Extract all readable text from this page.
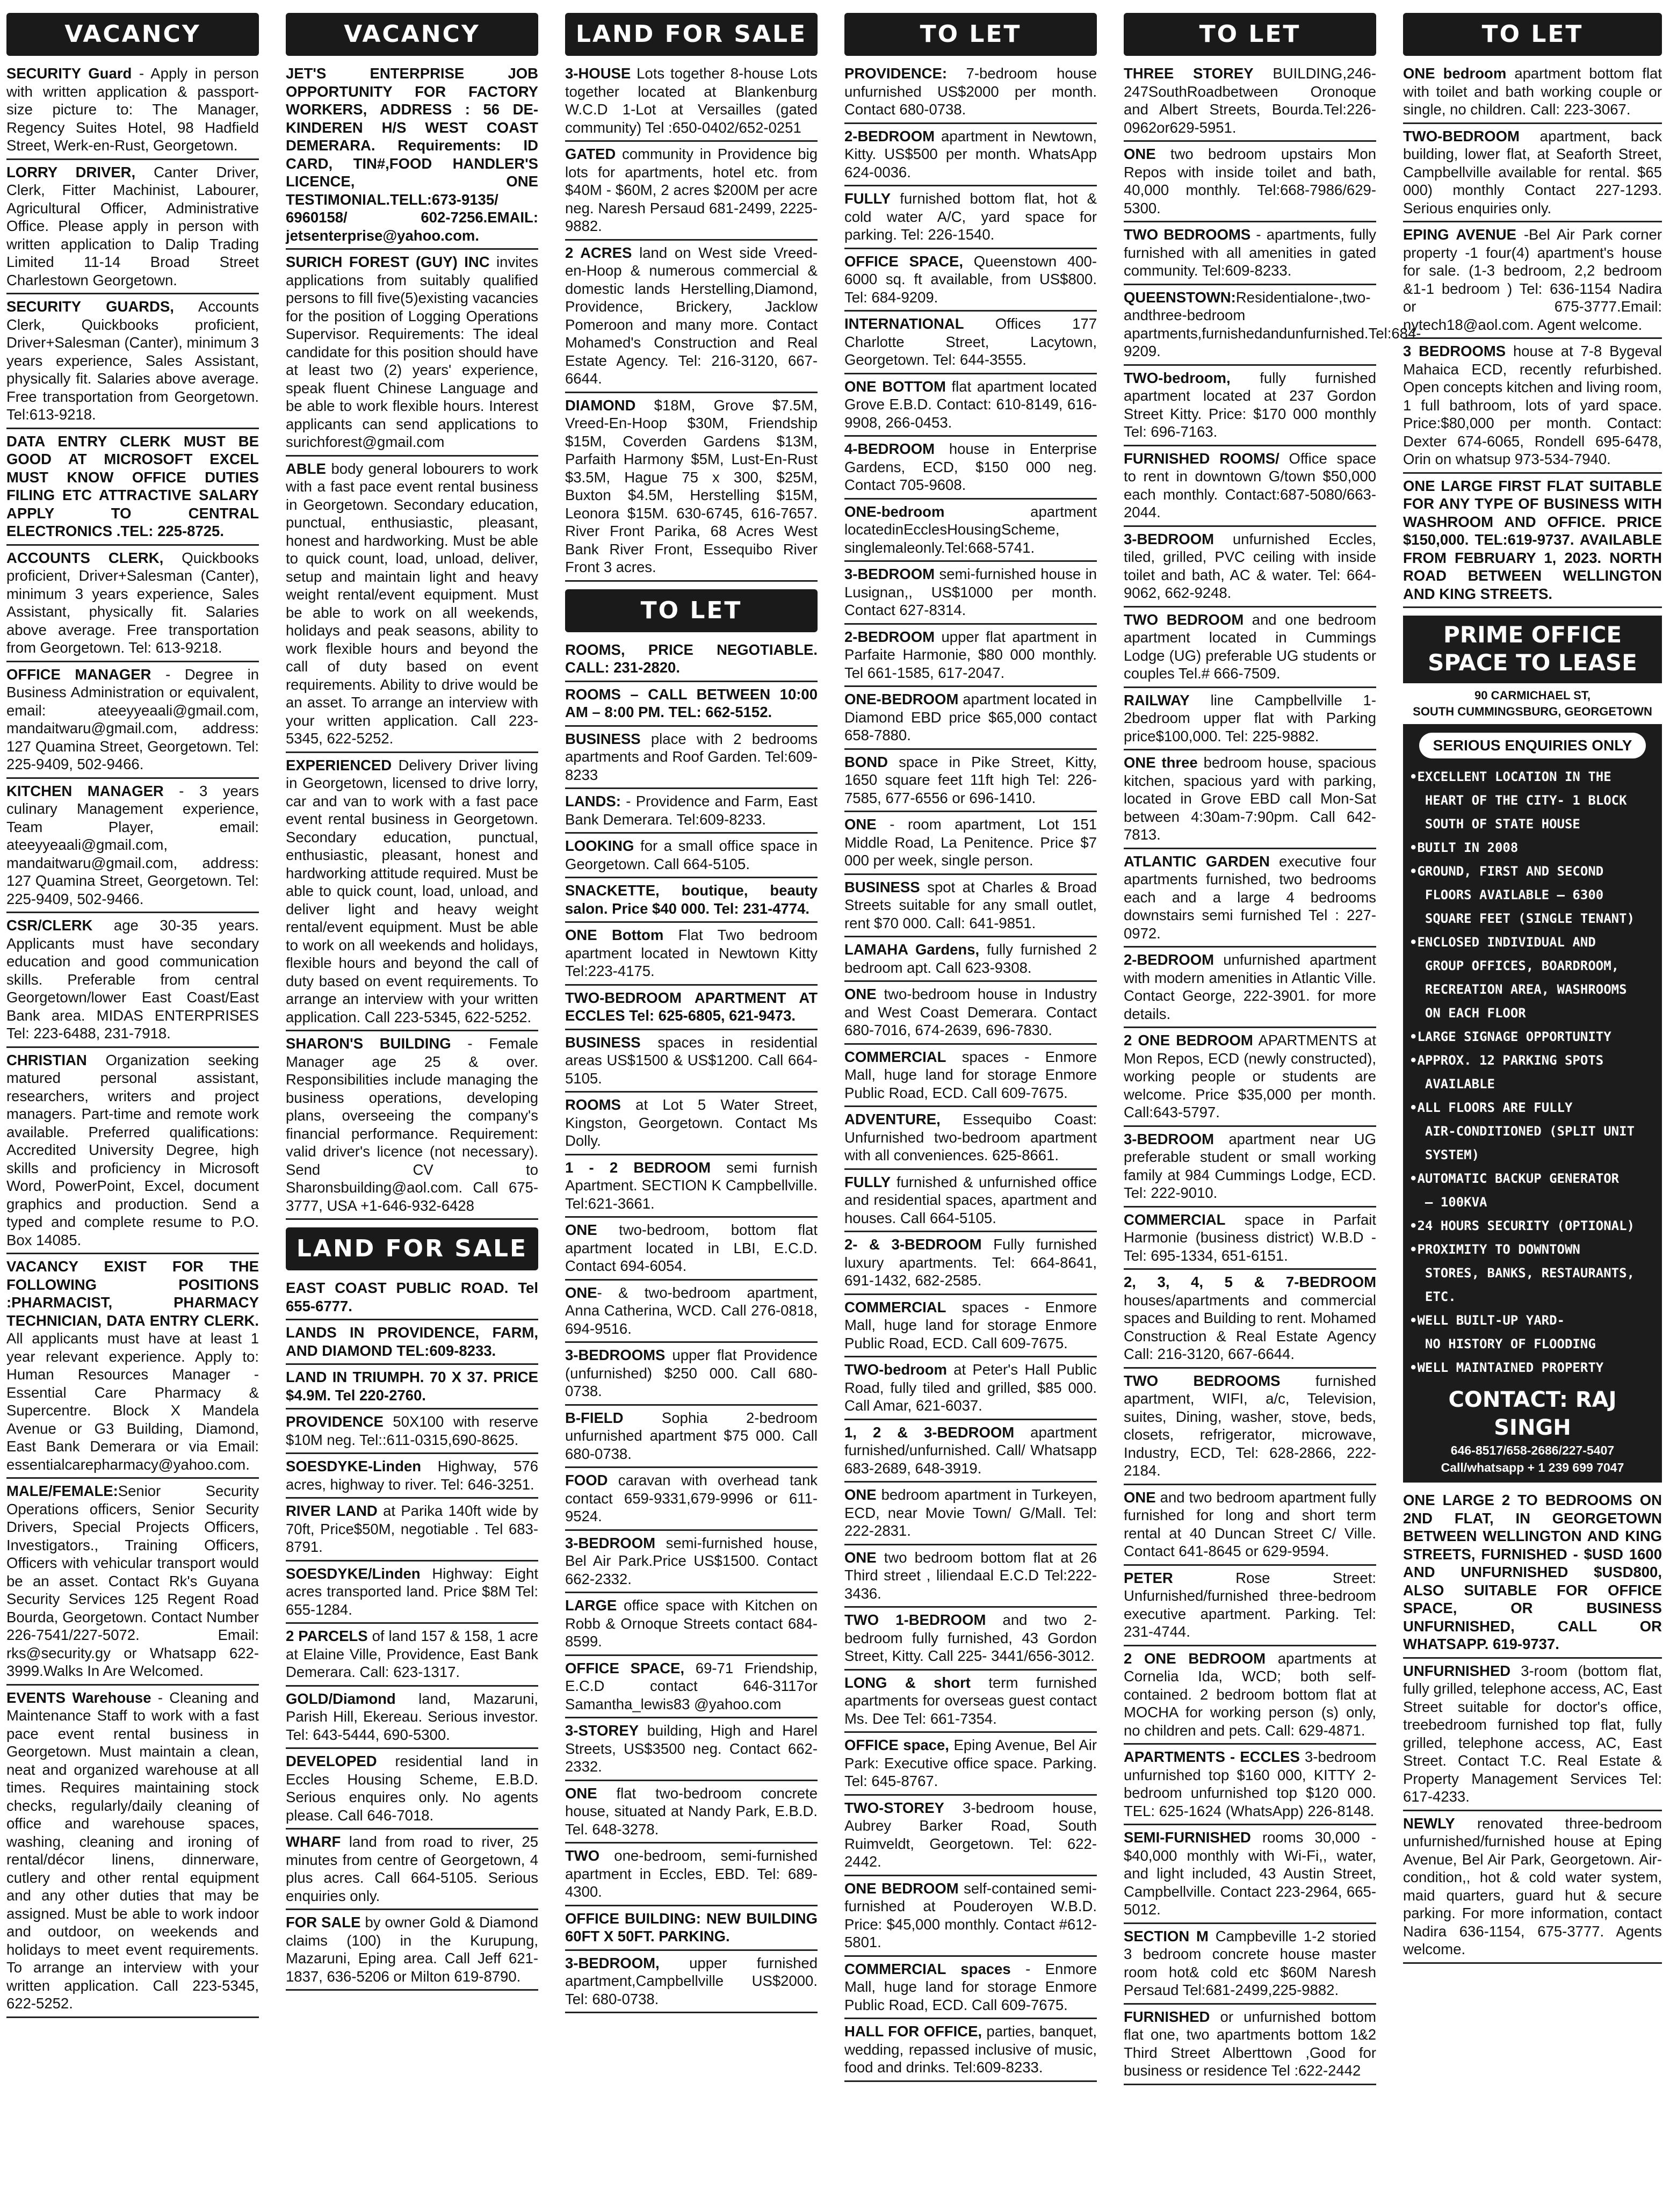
VACANCY

SECURITY Guard - Apply in person with written application & passport-size picture to: The Manager, Regency Suites Hotel, 98 Hadfield Street, Werk-en-Rust, Georgetown.

LORRY DRIVER, Canter Driver, Clerk, Fitter Machinist, Labourer, Agricultural Officer, Administrative Office. Please apply in person with written application to Dalip Trading Limited 11-14 Broad Street Charlestown Georgetown.

SECURITY GUARDS, Accounts Clerk, Quickbooks proficient, Driver+Salesman (Canter), minimum 3 years experience, Sales Assistant, physically fit. Salaries above average. Free transportation from Georgetown. Tel:613-9218.

DATA ENTRY CLERK MUST BE GOOD AT MICROSOFT EXCEL MUST KNOW OFFICE DUTIES FILING ETC ATTRACTIVE SALARY APPLY TO CENTRAL ELECTRONICS .TEL: 225-8725.

ACCOUNTS CLERK, Quickbooks proficient, Driver+Salesman (Canter), minimum 3 years experience, Sales Assistant, physically fit. Salaries above average. Free transportation from Georgetown. Tel: 613-9218.

OFFICE MANAGER - Degree in Business Administration or equivalent, email: ateeyyeaali@gmail.com, mandaitwaru@gmail.com, address: 127 Quamina Street, Georgetown. Tel: 225-9409, 502-9466.

KITCHEN MANAGER - 3 years culinary Management experience, Team Player, email: ateeyyeaali@gmail.com, mandaitwaru@gmail.com, address: 127 Quamina Street, Georgetown. Tel: 225-9409, 502-9466.

CSR/CLERK age 30-35 years. Applicants must have secondary education and good communication skills. Preferable from central Georgetown/lower East Coast/East Bank area. MIDAS ENTERPRISES Tel: 223-6488, 231-7918.

CHRISTIAN Organization seeking matured personal assistant, researchers, writers and project managers. Part-time and remote work available. Preferred qualifications: Accredited University Degree, high skills and proficiency in Microsoft Word, PowerPoint, Excel, document graphics and production. Send a typed and complete resume to P.O. Box 14085.

VACANCY EXIST FOR THE FOLLOWING POSITIONS :PHARMACIST, PHARMACY TECHNICIAN, DATA ENTRY CLERK. All applicants must have at least 1 year relevant experience. Apply to: Human Resources Manager - Essential Care Pharmacy & Supercentre. Block X Mandela Avenue or G3 Building, Diamond, East Bank Demerara or via Email: essentialcarepharmacy@yahoo.com.

MALE/FEMALE:Senior Security Operations officers, Senior Security Drivers, Special Projects Officers, Investigators., Training Officers, Officers with vehicular transport would be an asset. Contact Rk's Guyana Security Services 125 Regent Road Bourda, Georgetown. Contact Number 226-7541/227-5072. Email: rks@security.gy or Whatsapp 622-3999.Walks In Are Welcomed.

EVENTS Warehouse - Cleaning and Maintenance Staff to work with a fast pace event rental business in Georgetown. Must maintain a clean, neat and organized warehouse at all times. Requires maintaining stock checks, regularly/daily cleaning of office and warehouse spaces, washing, cleaning and ironing of rental/décor linens, dinnerware, cutlery and other rental equipment and any other duties that may be assigned. Must be able to work indoor and outdoor, on weekends and holidays to meet event requirements. To arrange an interview with your written application. Call 223-5345, 622-5252.

VACANCY

JET'S ENTERPRISE JOB OPPORTUNITY FOR FACTORY WORKERS, ADDRESS : 56 DE-KINDEREN H/S WEST COAST DEMERARA. Requirements: ID CARD, TIN#,FOOD HANDLER'S LICENCE, ONE TESTIMONIAL.TELL:673-9135/ 6960158/ 602-7256.EMAIL: jetsenterprise@yahoo.com.

SURICH FOREST (GUY) INC invites applications from suitably qualified persons to fill five(5)existing vacancies for the position of Logging Operations Supervisor. Requirements: The ideal candidate for this position should have at least two (2) years' experience, speak fluent Chinese Language and be able to work flexible hours. Interest applicants can send applications to surichforest@gmail.com

ABLE body general lobourers to work with a fast pace event rental business in Georgetown. Secondary education, punctual, enthusiastic, pleasant, honest and hardworking. Must be able to quick count, load, unload, deliver, setup and maintain light and heavy weight rental/event equipment. Must be able to work on all weekends, holidays and peak seasons, ability to work flexible hours and beyond the call of duty based on event requirements. Ability to drive would be an asset. To arrange an interview with your written application. Call 223-5345, 622-5252.

EXPERIENCED Delivery Driver living in Georgetown, licensed to drive lorry, car and van to work with a fast pace event rental business in Georgetown. Secondary education, punctual, enthusiastic, pleasant, honest and hardworking attitude required. Must be able to quick count, load, unload, and deliver light and heavy weight rental/event equipment. Must be able to work on all weekends and holidays, flexible hours and beyond the call of duty based on event requirements. To arrange an interview with your written application. Call 223-5345, 622-5252.

SHARON'S BUILDING - Female Manager age 25 & over. Responsibilities include managing the business operations, developing plans, overseeing the company's financial performance. Requirement: valid driver's licence (not necessary). Send CV to Sharonsbuilding@aol.com. Call 675-3777, USA +1-646-932-6428

LAND FOR SALE

EAST COAST PUBLIC ROAD. Tel 655-6777.

LANDS IN PROVIDENCE, FARM, AND DIAMOND TEL:609-8233.

LAND IN TRIUMPH. 70 X 37. PRICE $4.9M. Tel 220-2760.

PROVIDENCE 50X100 with reserve $10M neg. Tel::611-0315,690-8625.

SOESDYKE-Linden Highway, 576 acres, highway to river. Tel: 646-3251.

RIVER LAND at Parika 140ft wide by 70ft, Price$50M, negotiable . Tel 683-8791.

SOESDYKE/Linden Highway: Eight acres transported land. Price $8M Tel: 655-1284.

2 PARCELS of land 157 & 158, 1 acre at Elaine Ville, Providence, East Bank Demerara. Call: 623-1317.

GOLD/Diamond land, Mazaruni, Parish Hill, Ekereau. Serious investor. Tel: 643-5444, 690-5300.

DEVELOPED residential land in Eccles Housing Scheme, E.B.D. Serious enquires only. No agents please. Call 646-7018.

WHARF land from road to river, 25 minutes from centre of Georgetown, 4 plus acres. Call 664-5105. Serious enquiries only.

FOR SALE by owner Gold & Diamond claims (100) in the Kurupung, Mazaruni, Eping area. Call Jeff 621-1837, 636-5206 or Milton 619-8790.

LAND FOR SALE

3-HOUSE Lots together 8-house Lots together located at Blankenburg W.C.D 1-Lot at Versailles (gated community) Tel :650-0402/652-0251

GATED community in Providence big lots for apartments, hotel etc. from $40M - $60M, 2 acres $200M per acre neg. Naresh Persaud 681-2499, 2225-9882.

2 ACRES land on West side Vreed-en-Hoop & numerous commercial & domestic lands Herstelling,Diamond, Providence, Brickery, Jacklow Pomeroon and many more. Contact Mohamed's Construction and Real Estate Agency. Tel: 216-3120, 667-6644.

DIAMOND $18M, Grove $7.5M, Vreed-En-Hoop $30M, Friendship $15M, Coverden Gardens $13M, Parfaith Harmony $5M, Lust-En-Rust $3.5M, Hague 75 x 300, $25M, Buxton $4.5M, Herstelling $15M, Leonora $15M. 630-6745, 616-7657. River Front Parika, 68 Acres West Bank River Front, Essequibo River Front 3 acres.

TO LET

ROOMS, PRICE NEGOTIABLE. CALL: 231-2820.

ROOMS – CALL BETWEEN 10:00 AM – 8:00 PM. TEL: 662-5152.

BUSINESS place with 2 bedrooms apartments and Roof Garden. Tel:609-8233

LANDS: - Providence and Farm, East Bank Demerara. Tel:609-8233.

LOOKING for a small office space in Georgetown. Call 664-5105.

SNACKETTE, boutique, beauty salon. Price $40 000. Tel: 231-4774.

ONE Bottom Flat Two bedroom apartment located in Newtown Kitty Tel:223-4175.

TWO-BEDROOM APARTMENT AT ECCLES Tel: 625-6805, 621-9473.

BUSINESS spaces in residential areas US$1500 & US$1200. Call 664-5105.

ROOMS at Lot 5 Water Street, Kingston, Georgetown. Contact Ms Dolly.

1 - 2 BEDROOM semi furnish Apartment. SECTION K Campbellville. Tel:621-3661.

ONE two-bedroom, bottom flat apartment located in LBI, E.C.D. Contact 694-6054.

ONE- & two-bedroom apartment, Anna Catherina, WCD. Call 276-0818, 694-9516.

3-BEDROOMS upper flat Providence (unfurnished) $250 000. Call 680-0738.

B-FIELD Sophia 2-bedroom unfurnished apartment $75 000. Call 680-0738.

FOOD caravan with overhead tank contact 659-9331,679-9996 or 611-9524.

3-BEDROOM semi-furnished house, Bel Air Park.Price US$1500. Contact 662-2332.

LARGE office space with Kitchen on Robb & Ornoque Streets contact 684-8599.

OFFICE SPACE, 69-71 Friendship, E.C.D contact 646-3117or Samantha_lewis83 @yahoo.com

3-STOREY building, High and Harel Streets, US$3500 neg. Contact 662-2332.

ONE flat two-bedroom concrete house, situated at Nandy Park, E.B.D. Tel. 648-3278.

TWO one-bedroom, semi-furnished apartment in Eccles, EBD. Tel: 689-4300.

OFFICE BUILDING: NEW BUILDING 60FT X 50FT. PARKING.

3-BEDROOM, upper furnished apartment,Campbellville US$2000. Tel: 680-0738.

TO LET

PROVIDENCE: 7-bedroom house unfurnished US$2000 per month. Contact 680-0738.

2-BEDROOM apartment in Newtown, Kitty. US$500 per month. WhatsApp 624-0036.

FULLY furnished bottom flat, hot & cold water A/C, yard space for parking. Tel: 226-1540.

OFFICE SPACE, Queenstown 400-6000 sq. ft available, from US$800. Tel: 684-9209.

INTERNATIONAL Offices 177 Charlotte Street, Lacytown, Georgetown. Tel: 644-3555.

ONE BOTTOM flat apartment located Grove E.B.D. Contact: 610-8149, 616-9908, 266-0453.

4-BEDROOM house in Enterprise Gardens, ECD, $150 000 neg. Contact 705-9608.

ONE-bedroom apartment locatedinEcclesHousingScheme, singlemaleonly.Tel:668-5741.

3-BEDROOM semi-furnished house in Lusignan,, US$1000 per month. Contact 627-8314.

2-BEDROOM upper flat apartment in Parfaite Harmonie, $80 000 monthly. Tel 661-1585, 617-2047.

ONE-BEDROOM apartment located in Diamond EBD price $65,000 contact 658-7880.

BOND space in Pike Street, Kitty, 1650 square feet 11ft high Tel: 226-7585, 677-6556 or 696-1410.

ONE - room apartment, Lot 151 Middle Road, La Penitence. Price $7 000 per week, single person.

BUSINESS spot at Charles & Broad Streets suitable for any small outlet, rent $70 000. Call: 641-9851.

LAMAHA Gardens, fully furnished 2 bedroom apt. Call 623-9308.

ONE two-bedroom house in Industry and West Coast Demerara. Contact 680-7016, 674-2639, 696-7830.

COMMERCIAL spaces - Enmore Mall, huge land for storage Enmore Public Road, ECD. Call 609-7675.

ADVENTURE, Essequibo Coast: Unfurnished two-bedroom apartment with all conveniences. 625-8661.

FULLY furnished & unfurnished office and residential spaces, apartment and houses. Call 664-5105.

2- & 3-BEDROOM Fully furnished luxury apartments. Tel: 664-8641, 691-1432, 682-2585.

COMMERCIAL spaces - Enmore Mall, huge land for storage Enmore Public Road, ECD. Call 609-7675.

TWO-bedroom at Peter's Hall Public Road, fully tiled and grilled, $85 000. Call Amar, 621-6037.

1, 2 & 3-BEDROOM apartment furnished/unfurnished. Call/ Whatsapp 683-2689, 648-3919.

ONE bedroom apartment in Turkeyen, ECD, near Movie Town/ G/Mall. Tel: 222-2831.

ONE two bedroom bottom flat at 26 Third street , liliendaal E.C.D Tel:222-3436.

TWO 1-BEDROOM and two 2-bedroom fully furnished, 43 Gordon Street, Kitty. Call 225- 3441/656-3012.

LONG & short term furnished apartments for overseas guest contact Ms. Dee Tel: 661-7354.

OFFICE space, Eping Avenue, Bel Air Park: Executive office space. Parking. Tel: 645-8767.

TWO-STOREY 3-bedroom house, Aubrey Barker Road, South Ruimveldt, Georgetown. Tel: 622-2442.

ONE BEDROOM self-contained semi-furnished at Pouderoyen W.B.D. Price: $45,000 monthly. Contact #612-5801.

COMMERCIAL spaces - Enmore Mall, huge land for storage Enmore Public Road, ECD. Call 609-7675.

HALL FOR OFFICE, parties, banquet, wedding, repassed inclusive of music, food and drinks. Tel:609-8233.

TO LET

THREE STOREY BUILDING,246-247SouthRoadbetween Oronoque and Albert Streets, Bourda.Tel:226-0962or629-5951.

ONE two bedroom upstairs Mon Repos with inside toilet and bath, 40,000 monthly. Tel:668-7986/629-5300.

TWO BEDROOMS - apartments, fully furnished with all amenities in gated community. Tel:609-8233.

QUEENSTOWN:Residentialone-,two-andthree-bedroom apartments,furnishedandunfurnished.Tel:684-9209.

TWO-bedroom, fully furnished apartment located at 237 Gordon Street Kitty. Price: $170 000 monthly Tel: 696-7163.

FURNISHED ROOMS/ Office space to rent in downtown G/town $50,000 each monthly. Contact:687-5080/663-2044.

3-BEDROOM unfurnished Eccles, tiled, grilled, PVC ceiling with inside toilet and bath, AC & water. Tel: 664-9062, 662-9248.

TWO BEDROOM and one bedroom apartment located in Cummings Lodge (UG) preferable UG students or couples Tel.# 666-7509.

RAILWAY line Campbellville 1-2bedroom upper flat with Parking price$100,000. Tel: 225-9882.

ONE three bedroom house, spacious kitchen, spacious yard with parking, located in Grove EBD call Mon-Sat between 4:30am-7:90pm. Call 642-7813.

ATLANTIC GARDEN executive four apartments furnished, two bedrooms each and a large 4 bedrooms downstairs semi furnished Tel : 227-0972.

2-BEDROOM unfurnished apartment with modern amenities in Atlantic Ville. Contact George, 222-3901. for more details.

2 ONE BEDROOM APARTMENTS at Mon Repos, ECD (newly constructed), working people or students are welcome. Price $35,000 per month. Call:643-5797.

3-BEDROOM apartment near UG preferable student or small working family at 984 Cummings Lodge, ECD. Tel: 222-9010.

COMMERCIAL space in Parfait Harmonie (business district) W.B.D - Tel: 695-1334, 651-6151.

2, 3, 4, 5 & 7-BEDROOM houses/apartments and commercial spaces and Building to rent. Mohamed Construction & Real Estate Agency Call: 216-3120, 667-6644.

TWO BEDROOMS furnished apartment, WIFI, a/c, Television, suites, Dining, washer, stove, beds, closets, refrigerator, microwave, Industry, ECD, Tel: 628-2866, 222-2184.

ONE and two bedroom apartment fully furnished for long and short term rental at 40 Duncan Street C/ Ville. Contact 641-8645 or 629-9594.

PETER Rose Street: Unfurnished/furnished three-bedroom executive apartment. Parking. Tel: 231-4744.

2 ONE BEDROOM apartments at Cornelia Ida, WCD; both self-contained. 2 bedroom bottom flat at MOCHA for working person (s) only, no children and pets. Call: 629-4871.

APARTMENTS - ECCLES 3-bedroom unfurnished top $160 000, KITTY 2-bedroom unfurnished top $120 000. TEL: 625-1624 (WhatsApp) 226-8148.

SEMI-FURNISHED rooms 30,000 - $40,000 monthly with Wi-Fi,, water, and light included, 43 Austin Street, Campbellville. Contact 223-2964, 665-5012.

SECTION M Campbeville 1-2 storied 3 bedroom concrete house master room hot& cold etc $60M Naresh Persaud Tel:681-2499,225-9882.

FURNISHED or unfurnished bottom flat one, two apartments bottom 1&2 Third Street Alberttown ,Good for business or residence Tel :622-2442

TO LET

ONE bedroom apartment bottom flat with toilet and bath working couple or single, no children. Call: 223-3067.

TWO-BEDROOM apartment, back building, lower flat, at Seaforth Street, Campbellville available for rental. $65 000) monthly Contact 227-1293. Serious enquiries only.

EPING AVENUE -Bel Air Park corner property -1 four(4) apartment's house for sale. (1-3 bedroom, 2,2 bedroom &1-1 bedroom ) Tel: 636-1154 Nadira or 675-3777.Email: nytech18@aol.com. Agent welcome.

3 BEDROOMS house at 7-8 Bygeval Mahaica ECD, recently refurbished. Open concepts kitchen and living room, 1 full bathroom, lots of yard space. Price:$80,000 per month. Contact: Dexter 674-6065, Rondell 695-6478, Orin on whatsup 973-534-7940.

ONE LARGE FIRST FLAT SUITABLE FOR ANY TYPE OF BUSINESS WITH WASHROOM AND OFFICE. PRICE $150,000. TEL:619-9737. AVAILABLE FROM FEBRUARY 1, 2023. NORTH ROAD BETWEEN WELLINGTON AND KING STREETS.

PRIME OFFICE SPACE TO LEASE
90 CARMICHAEL ST,
SOUTH CUMMINGSBURG, GEORGETOWN
SERIOUS ENQUIRIES ONLY
•EXCELLENT LOCATION IN THE
HEART OF THE CITY- 1 BLOCK
SOUTH OF STATE HOUSE
•BUILT IN 2008
•GROUND, FIRST AND SECOND
FLOORS AVAILABLE – 6300
SQUARE FEET (SINGLE TENANT)
•ENCLOSED INDIVIDUAL AND
GROUP OFFICES, BOARDROOM,
RECREATION AREA, WASHROOMS
ON EACH FLOOR
•LARGE SIGNAGE OPPORTUNITY
•APPROX. 12 PARKING SPOTS
AVAILABLE
•ALL FLOORS ARE FULLY
AIR-CONDITIONED (SPLIT UNIT
SYSTEM)
•AUTOMATIC BACKUP GENERATOR
– 100KVA
•24 HOURS SECURITY (OPTIONAL)
•PROXIMITY TO DOWNTOWN
STORES, BANKS, RESTAURANTS,
ETC.
•WELL BUILT-UP YARD-
NO HISTORY OF FLOODING
•WELL MAINTAINED PROPERTY
CONTACT: RAJ SINGH
646-8517/658-2686/227-5407
Call/whatsapp + 1 239 699 7047

ONE LARGE 2 TO BEDROOMS ON 2ND FLAT, IN GEORGETOWN BETWEEN WELLINGTON AND KING STREETS, FURNISHED - $USD 1600 AND UNFURNISHED $USD800, ALSO SUITABLE FOR OFFICE SPACE, OR BUSINESS UNFURNISHED, CALL OR WHATSAPP. 619-9737.

UNFURNISHED 3-room (bottom flat, fully grilled, telephone access, AC, East Street suitable for doctor's office, treebedroom furnished top flat, fully grilled, telephone access, AC, East Street. Contact T.C. Real Estate & Property Management Services Tel: 617-4233.

NEWLY renovated three-bedroom unfurnished/furnished house at Eping Avenue, Bel Air Park, Georgetown. Air-condition,, hot & cold water system, maid quarters, guard hut & secure parking. For more information, contact Nadira 636-1154, 675-3777. Agents welcome.
